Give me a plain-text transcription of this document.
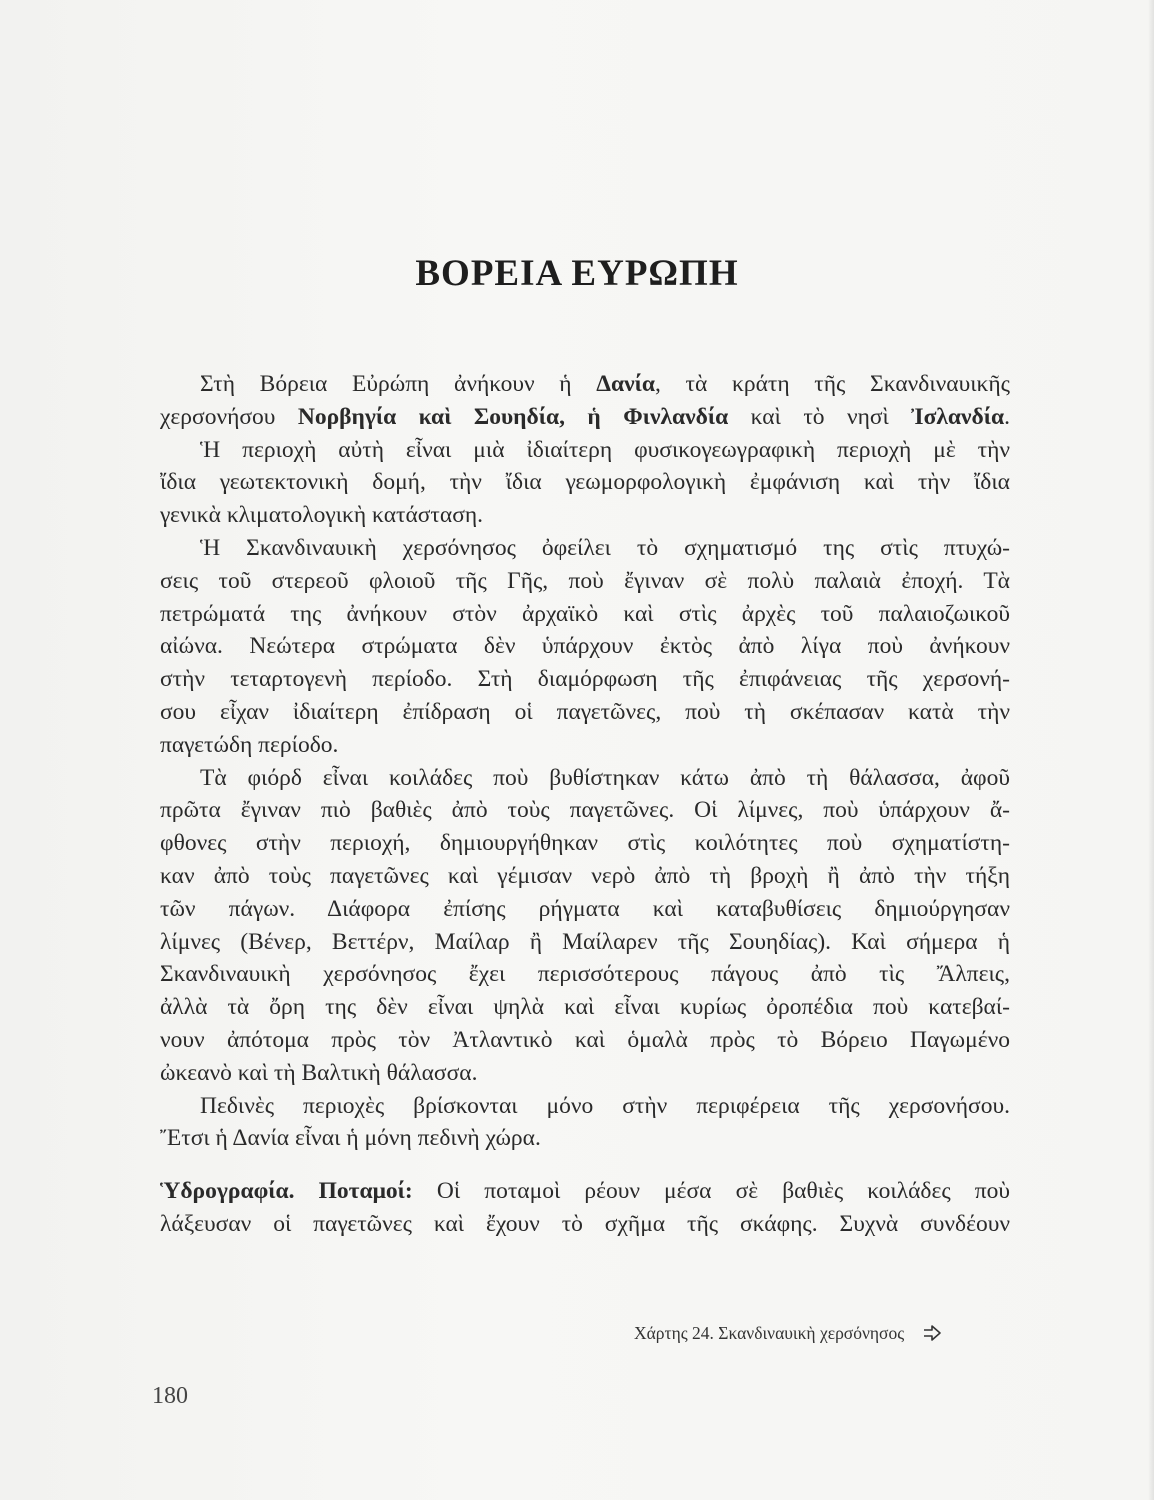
ΒΟΡΕΙΑ ΕΥΡΩΠΗ
Στὴ Βόρεια Εὐρώπη ἀνήκουν ἡ Δανία, τὰ κράτη τῆς Σκανδιναυικῆς
χερσονήσου Νορβηγία καὶ Σουηδία, ἡ Φινλανδία καὶ τὸ νησὶ Ἰσλανδία.
Ἡ περιοχὴ αὐτὴ εἶναι μιὰ ἰδιαίτερη φυσικογεωγραφικὴ περιοχὴ μὲ τὴν
ἴδια γεωτεκτονικὴ δομή, τὴν ἴδια γεωμορφολογικὴ ἐμφάνιση καὶ τὴν ἴδια
γενικὰ κλιματολογικὴ κατάσταση.
Ἡ Σκανδιναυικὴ χερσόνησος ὀφείλει τὸ σχηματισμό της στὶς πτυχώ-
σεις τοῦ στερεοῦ φλοιοῦ τῆς Γῆς, ποὺ ἔγιναν σὲ πολὺ παλαιὰ ἐποχή. Τὰ
πετρώματά της ἀνήκουν στὸν ἀρχαϊκὸ καὶ στὶς ἀρχὲς τοῦ παλαιοζωικοῦ
αἰώνα. Νεώτερα στρώματα δὲν ὑπάρχουν ἐκτὸς ἀπὸ λίγα ποὺ ἀνήκουν
στὴν τεταρτογενὴ περίοδο. Στὴ διαμόρφωση τῆς ἐπιφάνειας τῆς χερσονή-
σου εἶχαν ἰδιαίτερη ἐπίδραση οἱ παγετῶνες, ποὺ τὴ σκέπασαν κατὰ τὴν
παγετώδη περίοδο.
Τὰ φιόρδ εἶναι κοιλάδες ποὺ βυθίστηκαν κάτω ἀπὸ τὴ θάλασσα, ἀφοῦ
πρῶτα ἔγιναν πιὸ βαθιὲς ἀπὸ τοὺς παγετῶνες. Οἱ λίμνες, ποὺ ὑπάρχουν ἄ-
φθονες στὴν περιοχή, δημιουργήθηκαν στὶς κοιλότητες ποὺ σχηματίστη-
καν ἀπὸ τοὺς παγετῶνες καὶ γέμισαν νερὸ ἀπὸ τὴ βροχὴ ἢ ἀπὸ τὴν τήξη
τῶν πάγων. Διάφορα ἐπίσης ρήγματα καὶ καταβυθίσεις δημιούργησαν
λίμνες (Βένερ, Βεττέρν, Μαίλαρ ἢ Μαίλαρεν τῆς Σουηδίας). Καὶ σήμερα ἡ
Σκανδιναυικὴ χερσόνησος ἔχει περισσότερους πάγους ἀπὸ τὶς Ἄλπεις,
ἀλλὰ τὰ ὄρη της δὲν εἶναι ψηλὰ καὶ εἶναι κυρίως ὀροπέδια ποὺ κατεβαί-
νουν ἀπότομα πρὸς τὸν Ἀτλαντικὸ καὶ ὁμαλὰ πρὸς τὸ Βόρειο Παγωμένο
ὠκεανὸ καὶ τὴ Βαλτικὴ θάλασσα.
Πεδινὲς περιοχὲς βρίσκονται μόνο στὴν περιφέρεια τῆς χερσονήσου.
Ἔτσι ἡ Δανία εἶναι ἡ μόνη πεδινὴ χώρα.
Ὑδρογραφία. Ποταμοί: Οἱ ποταμοὶ ρέουν μέσα σὲ βαθιὲς κοιλάδες ποὺ
λάξευσαν οἱ παγετῶνες καὶ ἔχουν τὸ σχῆμα τῆς σκάφης. Συχνὰ συνδέουν
Χάρτης 24. Σκανδιναυικὴ χερσόνησος
180
